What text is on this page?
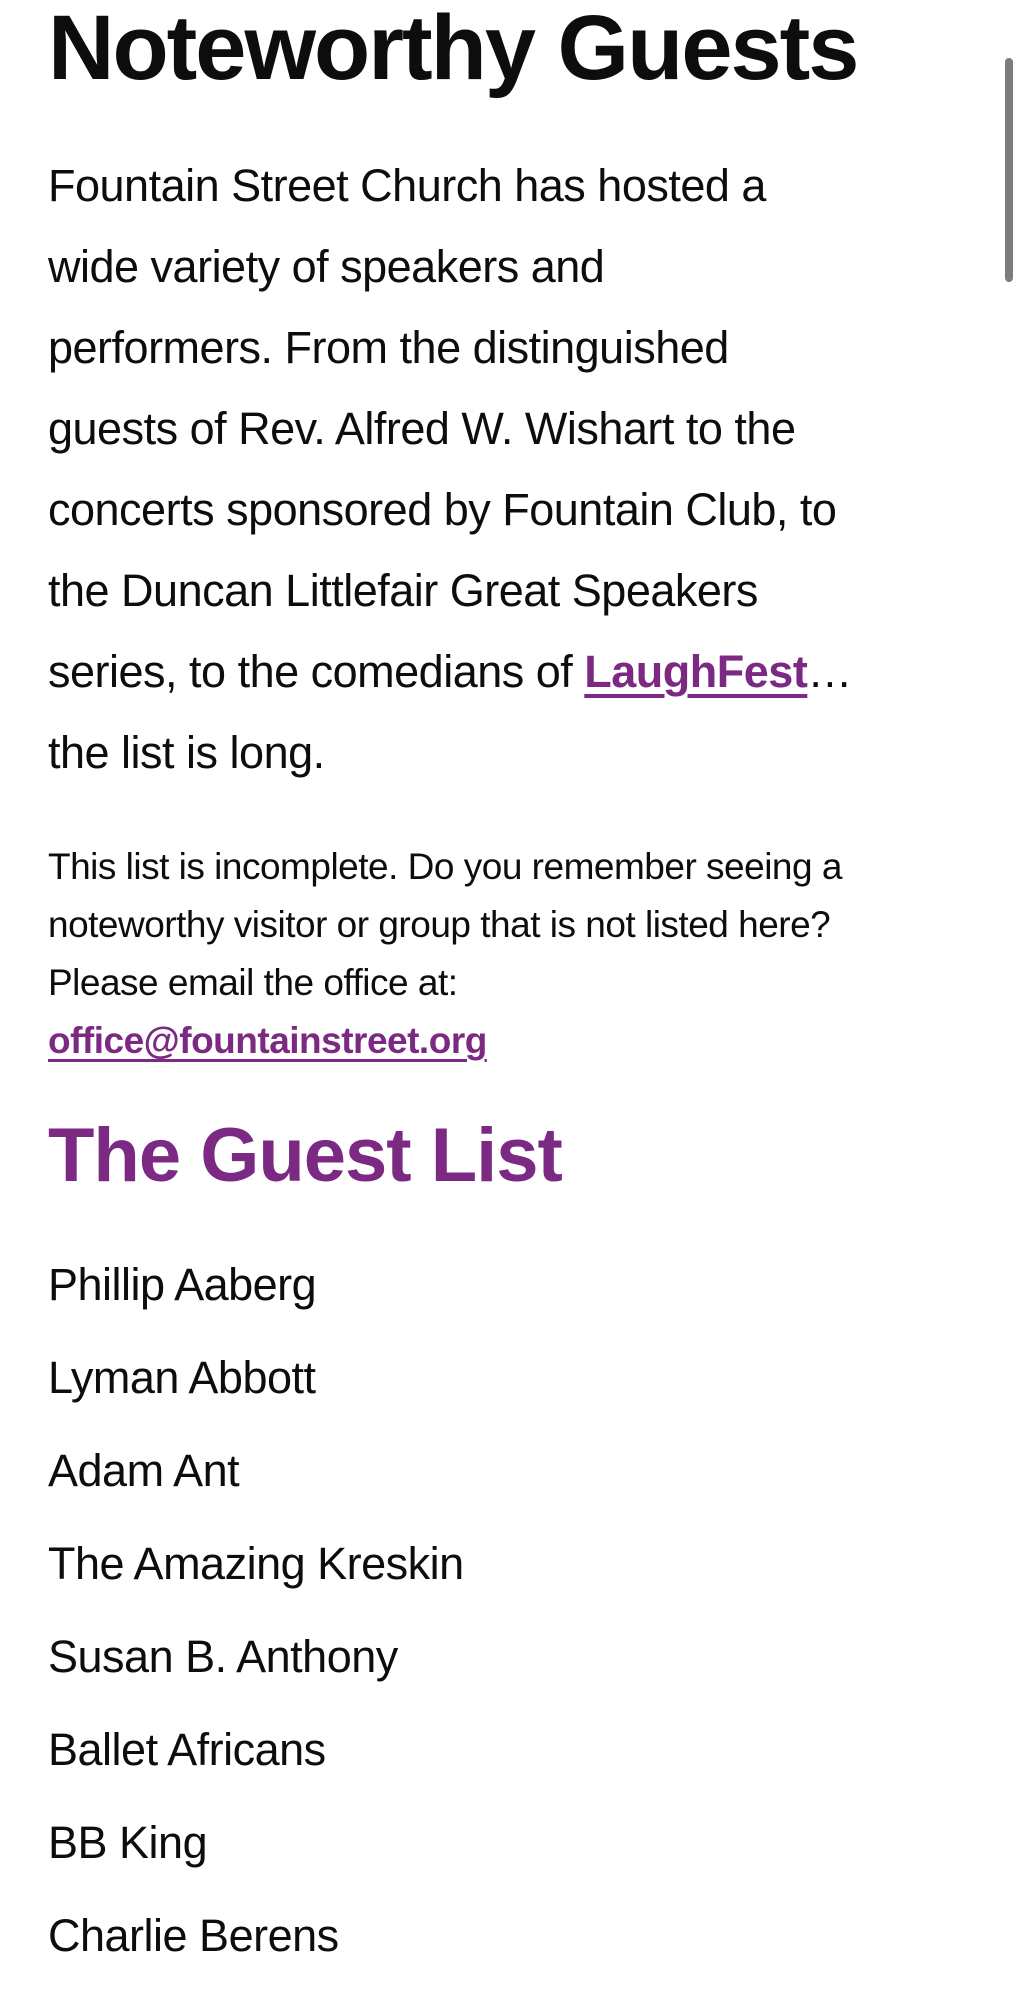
Noteworthy Guests
Fountain Street Church has hosted a
wide variety of speakers and
performers. From the distinguished
guests of Rev. Alfred W. Wishart to the
concerts sponsored by Fountain Club, to
the Duncan Littlefair Great Speakers
series, to the comedians of LaughFest…
the list is long.
This list is incomplete. Do you remember seeing a
noteworthy visitor or group that is not listed here?
Please email the office at:
office@fountainstreet.org
The Guest List

Phillip Aaberg

Lyman Abbott

Adam Ant

The Amazing Kreskin

Susan B. Anthony

Ballet Africans

BB King

Charlie Berens
